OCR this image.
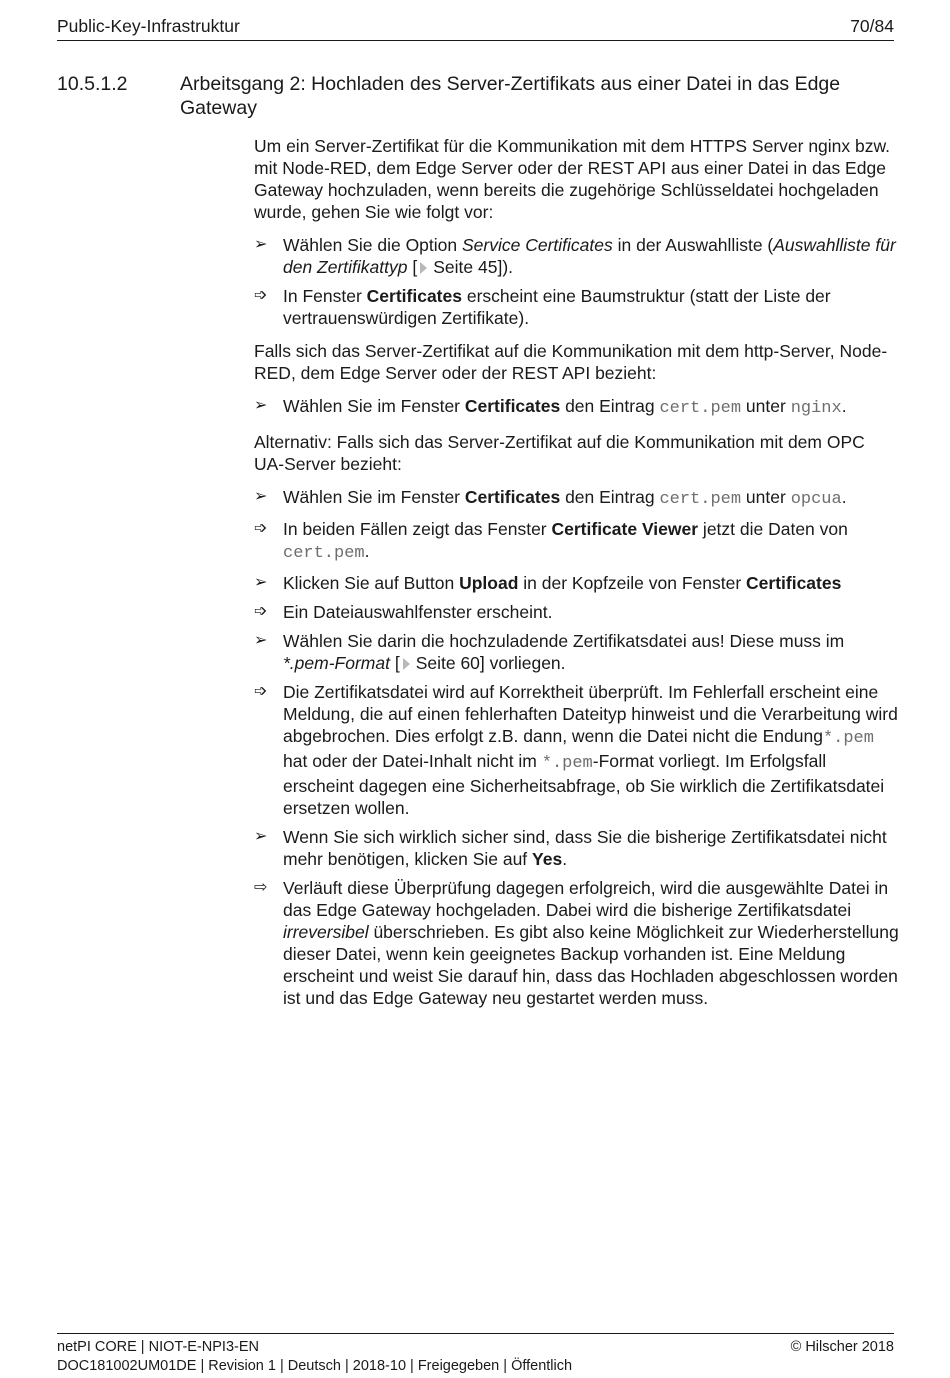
Public-Key-Infrastruktur	70/84
10.5.1.2	Arbeitsgang 2: Hochladen des Server-Zertifikats aus einer Datei in das Edge Gateway

Um ein Server-Zertifikat für die Kommunikation mit dem HTTPS Server nginx bzw. mit Node-RED, dem Edge Server oder der REST API aus einer Datei in das Edge Gateway hochzuladen, wenn bereits die zugehörige Schlüsseldatei hochgeladen wurde, gehen Sie wie folgt vor:

➢ Wählen Sie die Option Service Certificates in der Auswahlliste (Auswahlliste für den Zertifikattyp [ Seite 45]).
➩ In Fenster Certificates erscheint eine Baumstruktur (statt der Liste der vertrauenswürdigen Zertifikate).

Falls sich das Server-Zertifikat auf die Kommunikation mit dem http-Server, Node-RED, dem Edge Server oder der REST API bezieht:

➢ Wählen Sie im Fenster Certificates den Eintrag cert.pem unter nginx.

Alternativ: Falls sich das Server-Zertifikat auf die Kommunikation mit dem OPC UA-Server bezieht:

➢ Wählen Sie im Fenster Certificates den Eintrag cert.pem unter opcua.
➩ In beiden Fällen zeigt das Fenster Certificate Viewer jetzt die Daten von cert.pem.
➢ Klicken Sie auf Button Upload in der Kopfzeile von Fenster Certificates
➩ Ein Dateiauswahlfenster erscheint.
➢ Wählen Sie darin die hochzuladende Zertifikatsdatei aus! Diese muss im *.pem-Format [ Seite 60] vorliegen.
➩ Die Zertifikatsdatei wird auf Korrektheit überprüft. Im Fehlerfall erscheint eine Meldung, die auf einen fehlerhaften Dateityp hinweist und die Verarbeitung wird abgebrochen. Dies erfolgt z.B. dann, wenn die Datei nicht die Endung*.pem hat oder der Datei-Inhalt nicht im *.pem-Format vorliegt. Im Erfolgsfall erscheint dagegen eine Sicherheitsabfrage, ob Sie wirklich die Zertifikatsdatei ersetzen wollen.
➢ Wenn Sie sich wirklich sicher sind, dass Sie die bisherige Zertifikatsdatei nicht mehr benötigen, klicken Sie auf Yes.
⇨ Verläuft diese Überprüfung dagegen erfolgreich, wird die ausgewählte Datei in das Edge Gateway hochgeladen. Dabei wird die bisherige Zertifikatsdatei irreversibel überschrieben. Es gibt also keine Möglichkeit zur Wiederherstellung dieser Datei, wenn kein geeignetes Backup vorhanden ist. Eine Meldung erscheint und weist Sie darauf hin, dass das Hochladen abgeschlossen worden ist und das Edge Gateway neu gestartet werden muss.
netPI CORE | NIOT-E-NPI3-EN
DOC181002UM01DE | Revision 1 | Deutsch | 2018-10 | Freigegeben | Öffentlich
© Hilscher 2018
